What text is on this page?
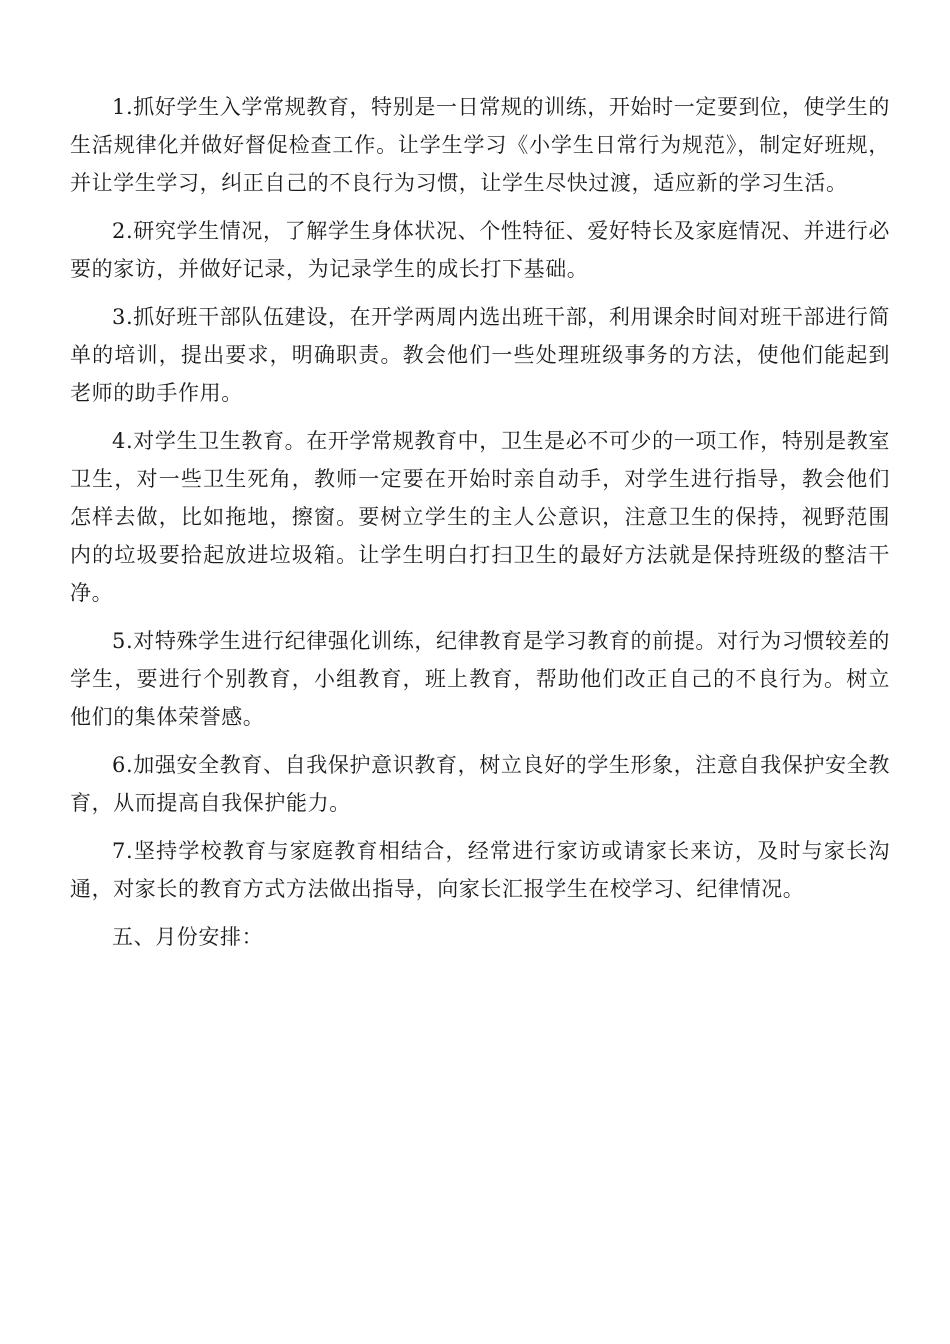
1.抓好学生入学常规教育，特别是一日常规的训练，开始时一定要到位，使学生的生活规律化并做好督促检查工作。让学生学习《小学生日常行为规范》，制定好班规，并让学生学习，纠正自己的不良行为习惯，让学生尽快过渡，适应新的学习生活。

2.研究学生情况，了解学生身体状况、个性特征、爱好特长及家庭情况、并进行必要的家访，并做好记录，为记录学生的成长打下基础。

3.抓好班干部队伍建设，在开学两周内选出班干部，利用课余时间对班干部进行简单的培训，提出要求，明确职责。教会他们一些处理班级事务的方法，使他们能起到老师的助手作用。

4.对学生卫生教育。在开学常规教育中，卫生是必不可少的一项工作，特别是教室卫生，对一些卫生死角，教师一定要在开始时亲自动手，对学生进行指导，教会他们怎样去做，比如拖地，擦窗。要树立学生的主人公意识，注意卫生的保持，视野范围内的垃圾要拾起放进垃圾箱。让学生明白打扫卫生的最好方法就是保持班级的整洁干净。

5.对特殊学生进行纪律强化训练，纪律教育是学习教育的前提。对行为习惯较差的学生，要进行个别教育，小组教育，班上教育，帮助他们改正自己的不良行为。树立他们的集体荣誉感。

6.加强安全教育、自我保护意识教育，树立良好的学生形象，注意自我保护安全教育，从而提高自我保护能力。

7.坚持学校教育与家庭教育相结合，经常进行家访或请家长来访，及时与家长沟通，对家长的教育方式方法做出指导，向家长汇报学生在校学习、纪律情况。

五、月份安排：
